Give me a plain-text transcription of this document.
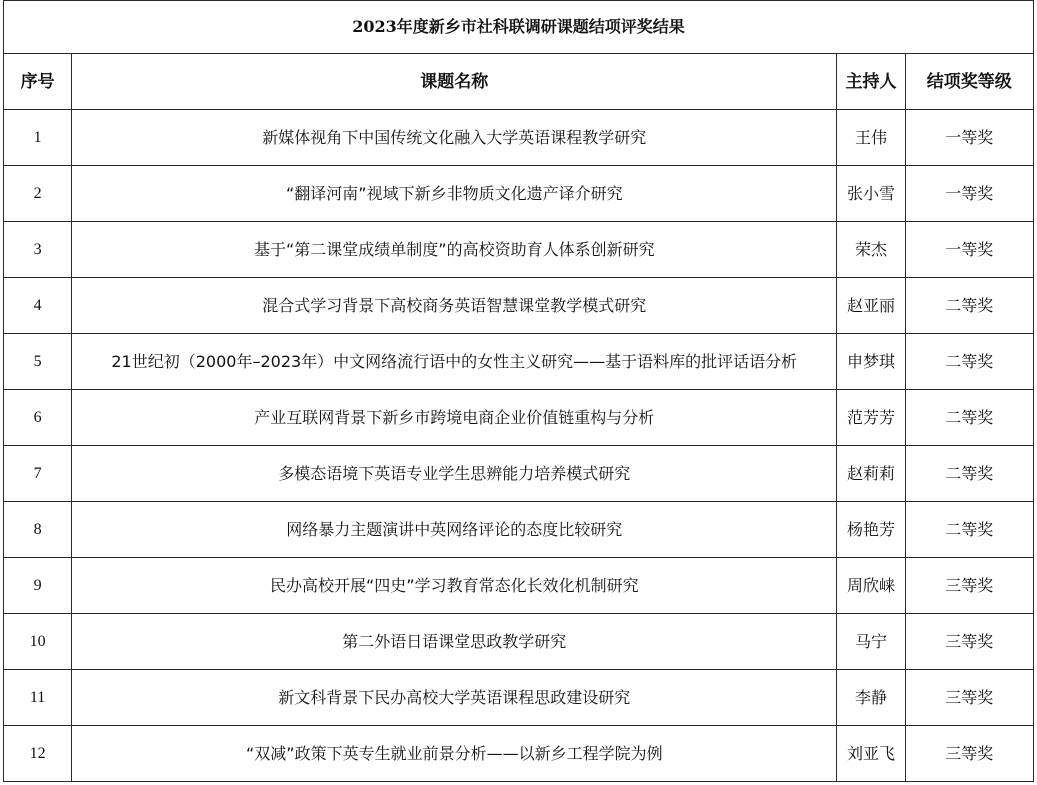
2023年度新乡市社科联调研课题结项评奖结果			
序号	课题名称	主持人	结项奖等级
1	新媒体视角下中国传统文化融入大学英语课程教学研究	王伟	一等奖
2	“翻译河南”视域下新乡非物质文化遗产译介研究	张小雪	一等奖
3	基于“第二课堂成绩单制度”的高校资助育人体系创新研究	荣杰	一等奖
4	混合式学习背景下高校商务英语智慧课堂教学模式研究	赵亚丽	二等奖
5	21世纪初（2000年–2023年）中文网络流行语中的女性主义研究——基于语料库的批评话语分析	申梦琪	二等奖
6	产业互联网背景下新乡市跨境电商企业价值链重构与分析	范芳芳	二等奖
7	多模态语境下英语专业学生思辨能力培养模式研究	赵莉莉	二等奖
8	网络暴力主题演讲中英网络评论的态度比较研究	杨艳芳	二等奖
9	民办高校开展“四史”学习教育常态化长效化机制研究	周欣崃	三等奖
10	第二外语日语课堂思政教学研究	马宁	三等奖
11	新文科背景下民办高校大学英语课程思政建设研究	李静	三等奖
12	“双减”政策下英专生就业前景分析——以新乡工程学院为例	刘亚飞	三等奖
